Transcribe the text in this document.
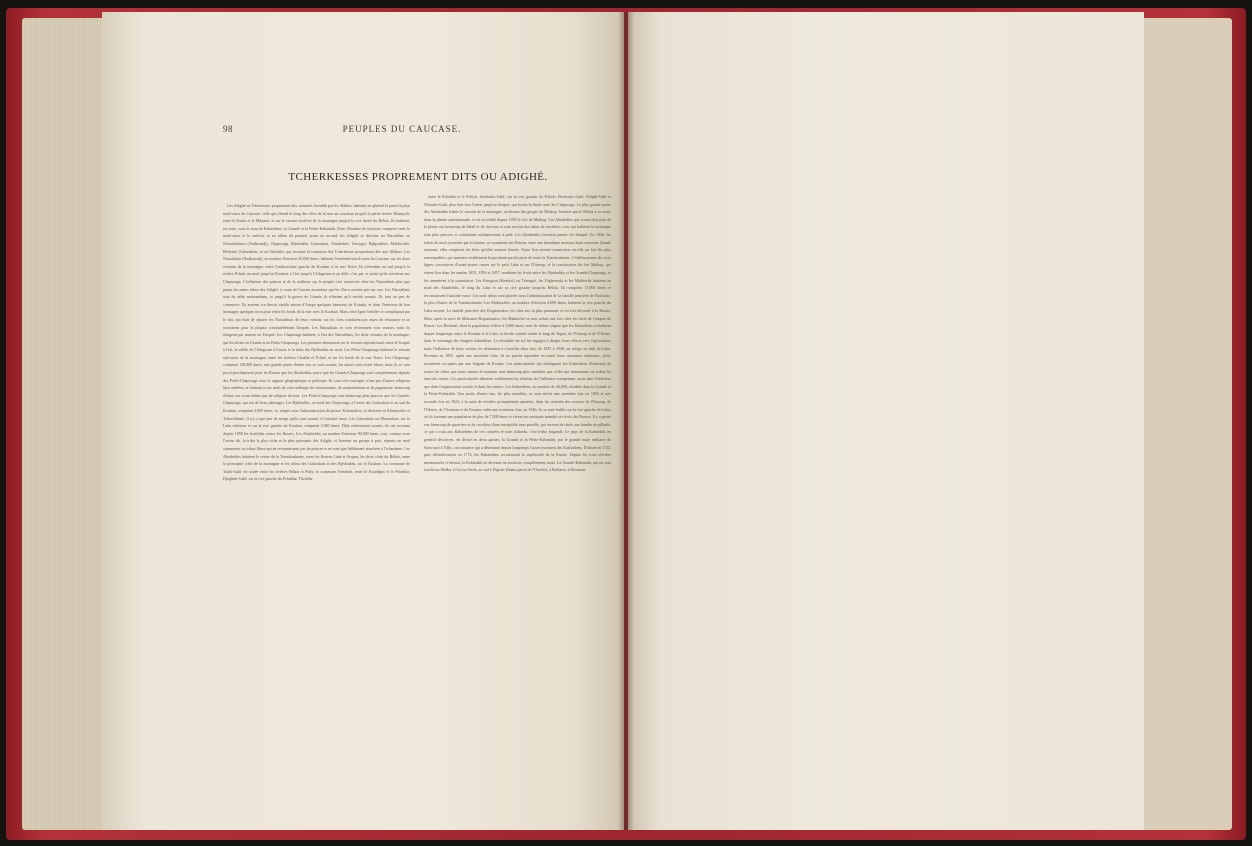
98	PEUPLES DU CAUCASE.
TCHERKESSES PROPREMENT DITS OU ADIGHÉ.

Les Adighé ou Tcherkesses proprement dits, nommés Azenikh par les Abkhas, habitent en général la partie la plus nord-ouest du Caucase, celle qui s'étend le long des côtes de la mer au couchant jusqu'à la petite rivière Khamych, entre la Soutsi et le Mdymta, et sur le versant nord-est de la montagne jusqu'à la rive droite du Bélaïa. Ils habitent, en outre, sous le nom de Kabardiens, la Grande et la Petite-Kabardah. Dans l'étendue de territoire comprise entre le nord-ouest et le sud-est, et en allant du premier point au second, les Adighé se divisent en Natoukhas ou Natoukhaïtses (Nadkouadj), Chapsougs, Bjédoukhs, Gatioukais, Abadzekhs, Temirgoï, Bjégoukhès, Makhochès, Bésleneï, Kabardiens, et en Oubykhs, qui forment la transition des Tcherkesses proprement dits aux Abkhas. Les Natoukhais (Nadkouadj), au nombre d'environ 50,000 âmes, habitent l'extrémité nord-ouest du Caucase, sur les deux versants de la montagne, entre l'embouchure gauche du Kouban et la mer Noire. Ils s'étendent au sud jusqu'à la rivière Pchad; au nord jusqu'au Kouban, à l'est jusqu'à l'Adagoum et au delà: c'est par ce point qu'ils touchent aux Chapsougs. L'influence des princes et de la noblesse sur le peuple s'est conservée chez les Natoukhais plus que parmi les autres tribus des Adighé, à cause de l'ancien ascendant que les Turcs avaient pris sur eux. Les Natoukhais sont de zélés mahométans, et jusqu'à la guerre de Crimée ils n'étaient qu'à moitié soumis. Ils font un peu de commerce. Ils avaient cru devoir établir autour d'Anapa quelques hameaux de Kouaks, et dans l'intérieur de leur montagne quelques forts pour relier les bords de la mer avec le Kouban. Mais cette ligne fortifiée se compliquait par le fait, qui était de séparer les Natoukhais de leurs voisins; sur les forts n'aidaient pas assez de résistance et se trouvaient pour la plupart continuellement bloqués. Les Natoukhais se sont récemment tous soumis; mais ils émigrent par masses en Turquie. Les Chapsougs habitent, à l'est des Natoukhais, les deux versants de la montagne, qui les divise en Grands et en Petits-Chapsougs. Les premiers demeurent sur le versant septentrional, entre le Soupse à l'est, la vallée de l'Adagoum à l'ouest et la tribu des Bjédoukhs au nord. Les Petits-Chapsougs habitent le versant sud-ouest de la montagne, entre les rivières Chakhé et Pchad, et sur les bords de la mer Noire. Les Chapsougs comptent 150,000 âmes; une grande partie d'entre eux se sont soumis, les autres sont restés libres; mais ils se sont peu à peu dispersés pour les Russes que les Abadzekhs, parce que les Grands-Chapsougs sont complètement séparés des Petits-Chapsougs sous le rapport géographique et politique. Ils sont très-sauvages, n'ont pas d'autres religions bien arrêtées, et forment à eux seuls de cette mélange de christianisme, de mahométisme et de paganisme: beaucoup d'entre eux n'ont même pas de religion du tout. Les Petits-Chapsougs sont beaucoup plus pauvres que les Grands-Chapsougs, qui ont de bons pâturages. Les Bjédoukhs, au nord des Chapsougs, à l'ouest des Gatioukais et au sud du Kouban, comptent 4,000 âmes, et, rangés sous l'administration du prince Kirkanokov, se divisent en Khamychès et Tcherchénais. Il n'y a que peu de temps qu'ils sont soumis à l'autorité russe. Les Gatioukais ou Khatoukaïs, sur le Laba inférieur et sur la rive gauche du Kouban, comptent 3,000 âmes. Déjà entièrement soumis, ils ont reconnu depuis 1850 les hostilités contre les Russes. Les Abadzekhs, au nombre d'environ 90,000 âmes, sont, comme nous l'avons dit, la tribu la plus riche et la plus puissante des Adighé, et forment un groupe à part, répartis en neuf communes ou tribus libres qui ne reconnaissent pas de princes et ne sont que faiblement attachées à l'islamisme. Les Abadzekhs habitent le centre de la Transkoubanie, entre les fleuves Laba et Soupse, les deux côtés du Bélaïa, entre la principale crête de la montagne et les tribus des Gatioukais et des Bjédoukhs, sur le Kouban. La commune de Toubi-Gabl est située entre les rivières Bélaïa et Pchy; la commune Temdech, entre le Kourdjips et le Pchekha; Djeghéte-Gabl, sur la rive gauche du Pchekha; Tlichebs,

entre le Pchekha et le Pchich; Antchoko-Gabl, sur la rive gauche du Pchich; Bechouko-Gabl, Ethghé-Gabl et Nefouko-Gabl, plus loin vers l'ouest jusqu'au Soupse, qui forme la limite avec les Chapsougs. La plus grande partie des Abadzekhs habite le versant de la montagne, au-dessus des gorges de Maikop, formées par le Bélaïa à sa sortie dans la plaine septentrionale, et où est établi depuis 1858 le fort de Maikop. Les Abadzekhs qui vivent plus près de la plaine ont beaucoup de bétail et de chevaux et sont surtout des tribus de cavaliers; ceux qui habitent la montagne sont plus pauvres et combattent ordinairement à pied. Les Abadzekhs n'avaient jamais été dompté. En 1846, les tribus du nord, poussées par la famine, se soumirent aux Russes; mais une abondante moisson étant survenue l'année suivante, elles rompirent les liens qu'elles avaient formés. Aussi leur récente soumission est-elle un fait des plus remarquables, qui annonce visiblement la prochaine pacification de toute la Transkoubanie. L'établissement des trois lignes successives d'avant-postes russes sur le petit Laba et sur l'Ouroup, et la construction du fort Maikop, qui eurent lieu dans les années 1855, 1856 et 1857, rendirent les fruits entre les Abadzekhs et les Grands-Chapsougs, et les amenèrent à la soumission. Les Kemgoui (Kemkoï) ou Témirgoï, les Yéghérouki et les Makhoché habitent au nord des Abadzekhs, le long du Laba et sur sa rive gauche jusqu'au Bélaïa. Ils comptent 15,000 âmes et reconnaissent l'autorité russe. Les trois tribus sont placées sous l'administration de la famille princière de Bolotoko, la plus illustre de la Transkoubanie. Les Makhochès, au nombre d'environ 4,000 âmes, habitent la rive gauche du Laba moyen. La famille princière des Bogarnoukov est chez eux la plus puissante et est très-dévouée à la Russie. Mais, après la mort de Mahomet-Bogarnoukov, les Makhochè se sont enfuis une fois chez les chefs de l'empire de Russie. Les Besleneï, dont la population s'élève à 5,000 âmes, sont de même origine que les Kabardiens et habitent depuis longtemps, entre le Kouban et le Laba, la fertile contrée située le long du Tegen, de l'Ouroup et de l'Okarte, dans le voisinage des émigrés kabardiens. La fécondité du sol les engagea à diriger leurs efforts vers l'agriculture; mais l'influence de leurs voisins les détermina à s'enrichir deux fois, de 1845 à 1848, un refuge au delà du Laba. Revenus en 1855, après une troisième fuite, ils ne purent reprendre en entier leurs anciennes demeures, qu'ils trouvèrent occupées par une brigade de Kosaks. Les particularités qui distinguent les Kabardiens (Kabertaï) de toutes les tribus que nous venons de nommer sont beaucoup plus sensibles que celles qui dominaient ces tribus les unes des autres. Ces particularités dénotent visiblement les résultats de l'influence européenne, aussi dans l'extérieur que dans l'organisation sociale et dans les mœurs. Les Kabardiens, au nombre de 40,000, résident dans la Grande et la Petite-Kabardah. Une partie d'entre eux, les plus instables, se sont enfuis une première fois en 1804 et une seconde fois en 1822, à la suite de révoltes promptement apaisées, dans les contrées des sources de l'Ouroup, de l'Okarte, de l'Azaman et du Kouma; enfin une troisième fois, en 1846, ils se sont établis sur la rive gauche du Laba, où ils forment une population de plus de 7,000 âmes et vivent en constante inimitié vis-à-vis des Russes. Il y a parmi eux beaucoup de guerriers et de cavaliers d'une intrépidité sans pareille, qui servent de chefs aux bandes de pillards, ce qui a valu aux Kabardiens de ces contrées le nom d'abreks, c'est-à-dire brigands. Le pays de la Kabardah, en général découvert, est divisé en deux parties, la Grande et la Petite-Kabardah, par le grande route militaire de Stavropol à Tiflis; circonstance qui a déterminé depuis longtemps l'asservissement des Kabardiens. D'abord en 1722, puis définitivement en 1774, les Kabardiens reconnurent la supériorité de la Russie. Depuis les trois révoltes mentionnées ci-dessus, la Kabardah est devenue un territoire complètement russe. La Grande-Kabardah, qui ne sont touché au Malka, à l'est au Terek, au sud à Digorie (fluant partie de l'Ossétie), à Balkarie, à Khoulam,
